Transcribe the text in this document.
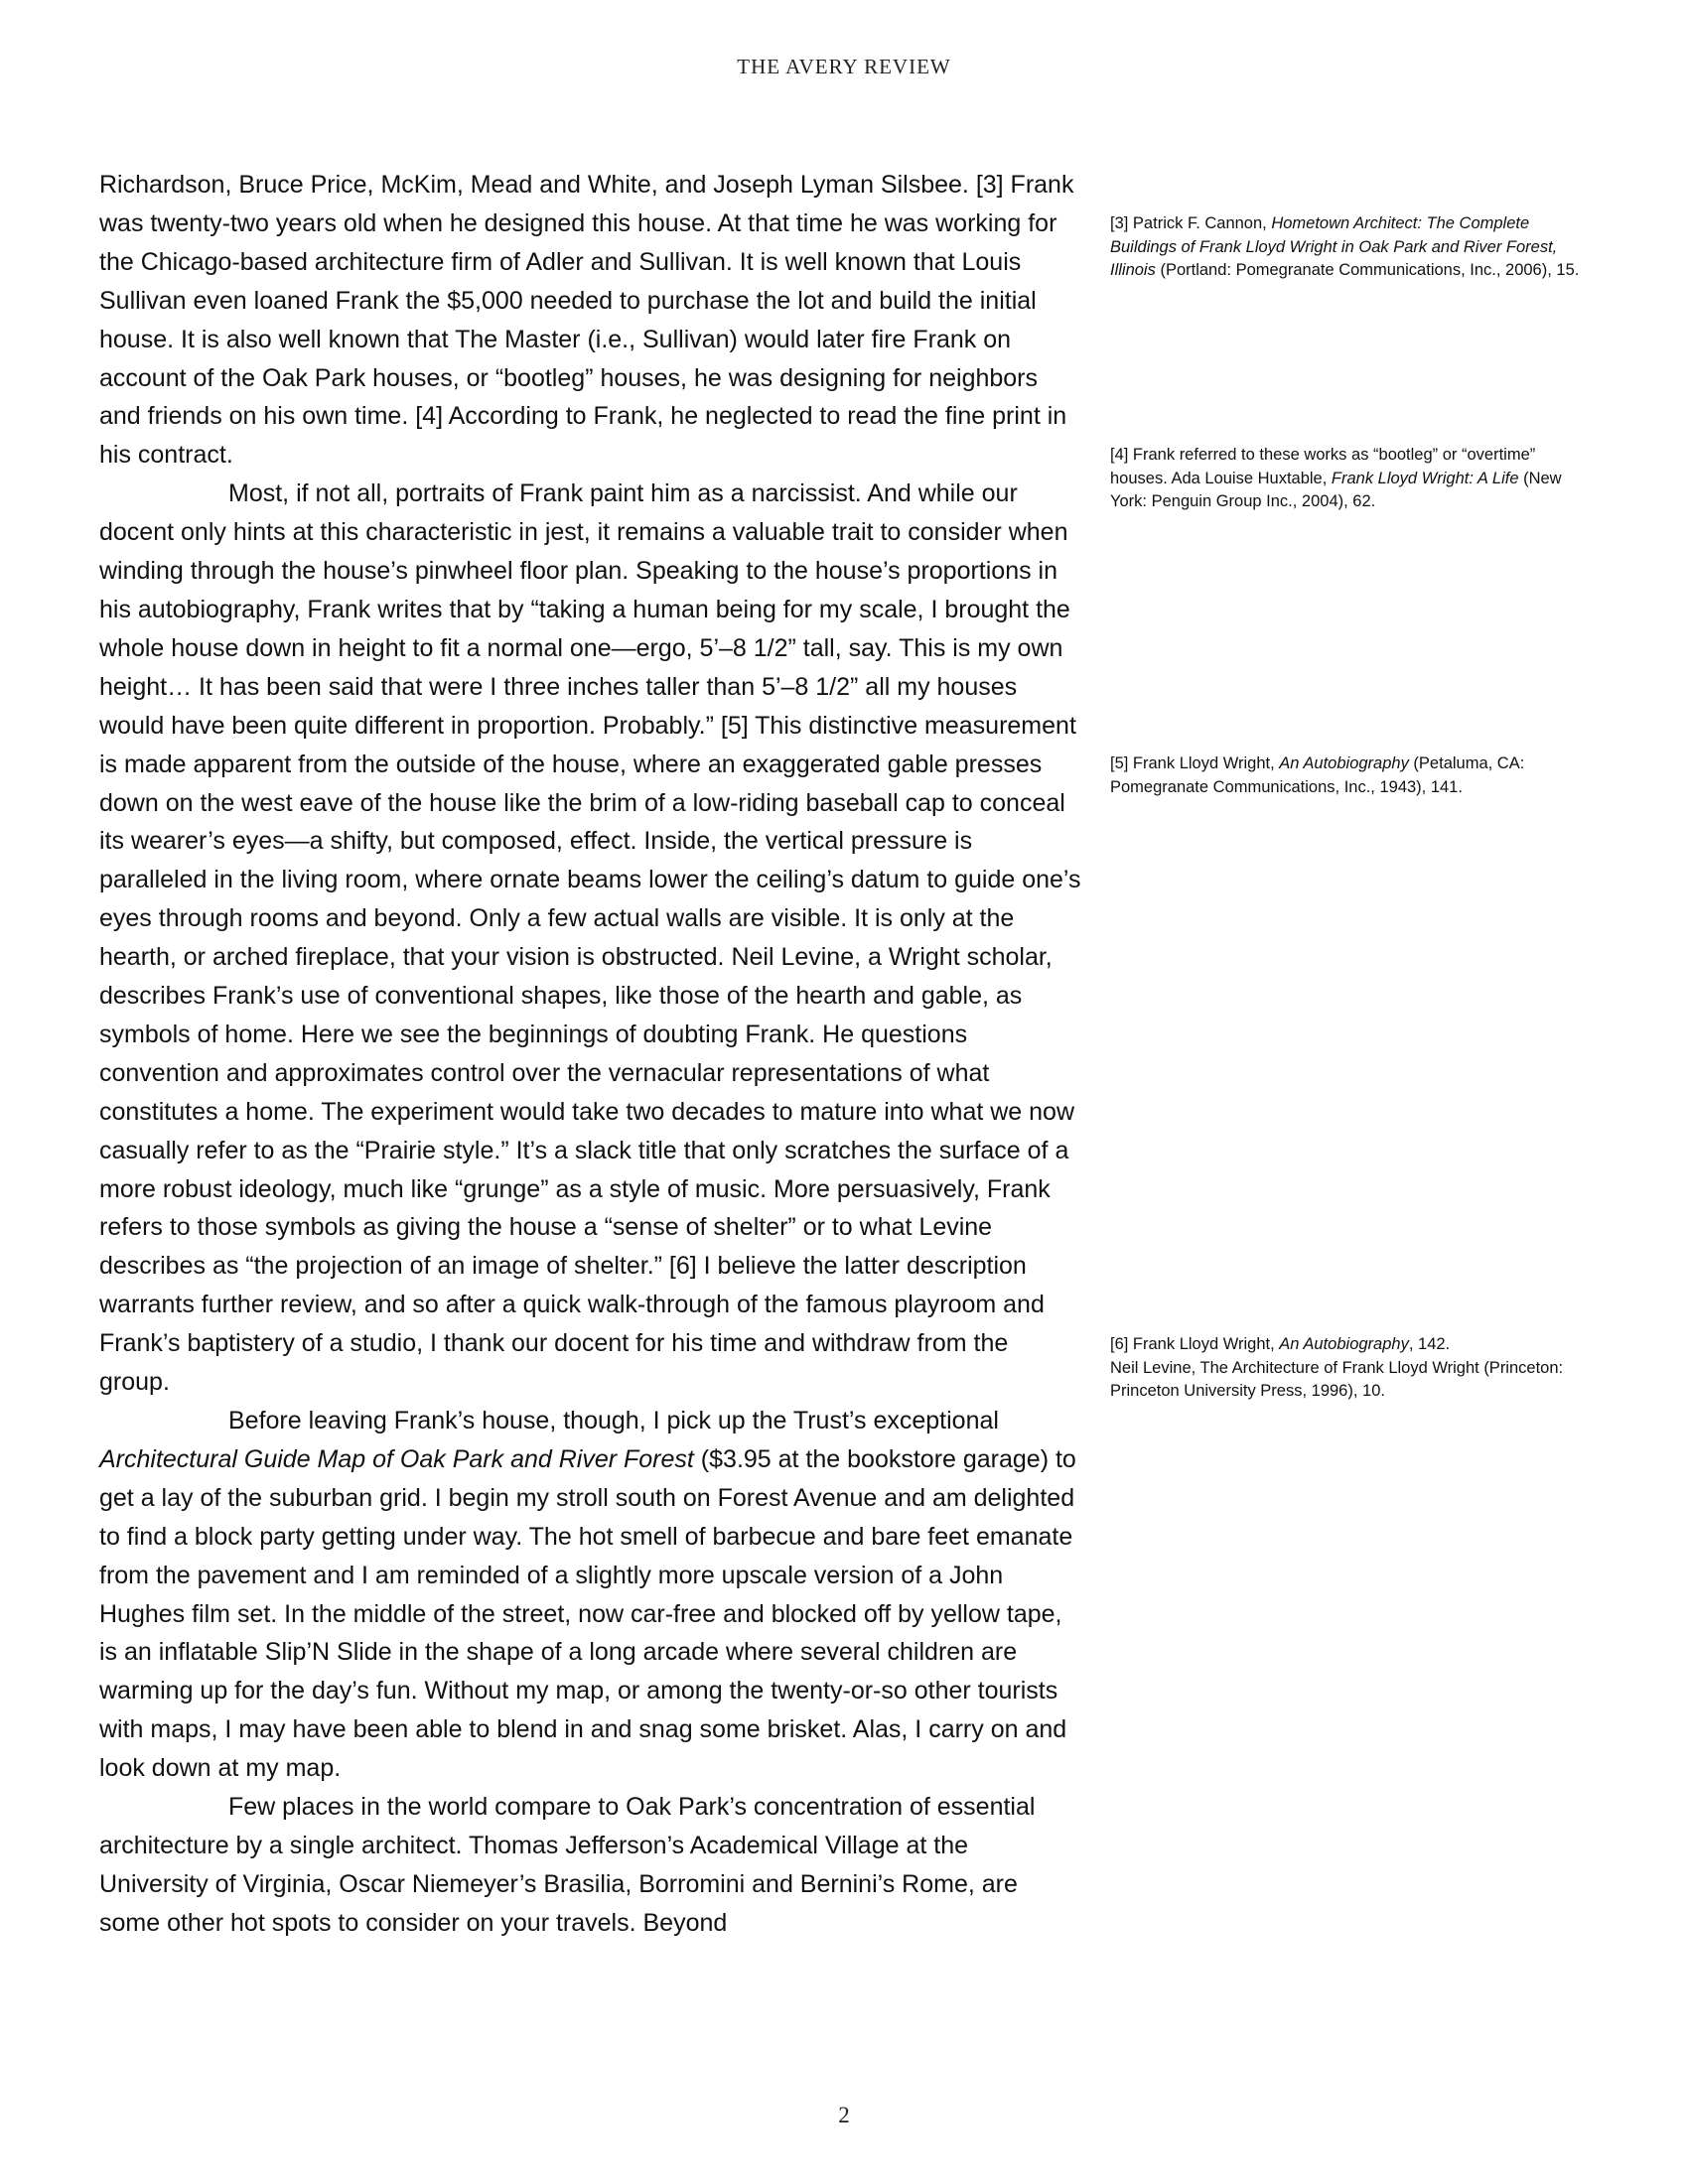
THE AVERY REVIEW

Richardson, Bruce Price, McKim, Mead and White, and Joseph Lyman Silsbee. [3] Frank was twenty-two years old when he designed this house. At that time he was working for the Chicago-based architecture firm of Adler and Sullivan. It is well known that Louis Sullivan even loaned Frank the $5,000 needed to purchase the lot and build the initial house. It is also well known that The Master (i.e., Sullivan) would later fire Frank on account of the Oak Park houses, or “bootleg” houses, he was designing for neighbors and friends on his own time. [4] According to Frank, he neglected to read the fine print in his contract.

Most, if not all, portraits of Frank paint him as a narcissist. And while our docent only hints at this characteristic in jest, it remains a valuable trait to consider when winding through the house’s pinwheel floor plan. Speaking to the house’s proportions in his autobiography, Frank writes that by “taking a human being for my scale, I brought the whole house down in height to fit a normal one—ergo, 5’–8 1/2” tall, say. This is my own height… It has been said that were I three inches taller than 5’–8 1/2” all my houses would have been quite different in proportion. Probably.” [5] This distinctive measurement is made apparent from the outside of the house, where an exaggerated gable presses down on the west eave of the house like the brim of a low-riding baseball cap to conceal its wearer’s eyes—a shifty, but composed, effect. Inside, the vertical pressure is paralleled in the living room, where ornate beams lower the ceiling’s datum to guide one’s eyes through rooms and beyond. Only a few actual walls are visible. It is only at the hearth, or arched fireplace, that your vision is obstructed. Neil Levine, a Wright scholar, describes Frank’s use of conventional shapes, like those of the hearth and gable, as symbols of home. Here we see the beginnings of doubting Frank. He questions convention and approximates control over the vernacular representations of what constitutes a home. The experiment would take two decades to mature into what we now casually refer to as the “Prairie style.” It’s a slack title that only scratches the surface of a more robust ideology, much like “grunge” as a style of music. More persuasively, Frank refers to those symbols as giving the house a “sense of shelter” or to what Levine describes as “the projection of an image of shelter.” [6] I believe the latter description warrants further review, and so after a quick walk-through of the famous playroom and Frank’s baptistery of a studio, I thank our docent for his time and withdraw from the group.

Before leaving Frank’s house, though, I pick up the Trust’s exceptional Architectural Guide Map of Oak Park and River Forest ($3.95 at the bookstore garage) to get a lay of the suburban grid. I begin my stroll south on Forest Avenue and am delighted to find a block party getting under way. The hot smell of barbecue and bare feet emanate from the pavement and I am reminded of a slightly more upscale version of a John Hughes film set. In the middle of the street, now car-free and blocked off by yellow tape, is an inflatable Slip’N Slide in the shape of a long arcade where several children are warming up for the day’s fun. Without my map, or among the twenty-or-so other tourists with maps, I may have been able to blend in and snag some brisket. Alas, I carry on and look down at my map.

Few places in the world compare to Oak Park’s concentration of essential architecture by a single architect. Thomas Jefferson’s Academical Village at the University of Virginia, Oscar Niemeyer’s Brasilia, Borromini and Bernini’s Rome, are some other hot spots to consider on your travels. Beyond

[3] Patrick F. Cannon, Hometown Architect: The Complete Buildings of Frank Lloyd Wright in Oak Park and River Forest, Illinois (Portland: Pomegranate Communications, Inc., 2006), 15.
[4] Frank referred to these works as “bootleg” or “overtime” houses. Ada Louise Huxtable, Frank Lloyd Wright: A Life (New York: Penguin Group Inc., 2004), 62.
[5] Frank Lloyd Wright, An Autobiography (Petaluma, CA: Pomegranate Communications, Inc., 1943), 141.
[6] Frank Lloyd Wright, An Autobiography, 142.
Neil Levine, The Architecture of Frank Lloyd Wright (Princeton: Princeton University Press, 1996), 10.
2
